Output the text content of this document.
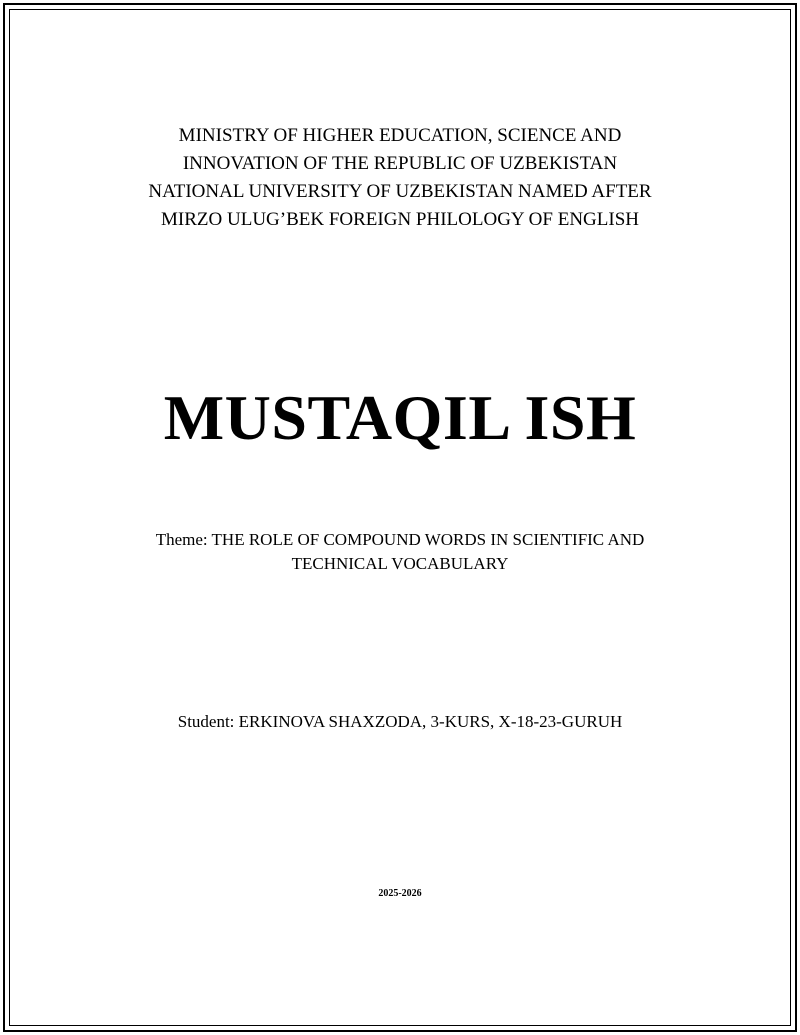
MINISTRY OF HIGHER EDUCATION, SCIENCE AND
INNOVATION OF THE REPUBLIC OF UZBEKISTAN
NATIONAL UNIVERSITY OF UZBEKISTAN NAMED AFTER
MIRZO ULUG’BEK FOREIGN PHILOLOGY OF ENGLISH
MUSTAQIL ISH
Theme: THE ROLE OF COMPOUND WORDS IN SCIENTIFIC AND
TECHNICAL VOCABULARY
Student: ERKINOVA SHAXZODA, 3-KURS, X-18-23-GURUH
2025-2026
